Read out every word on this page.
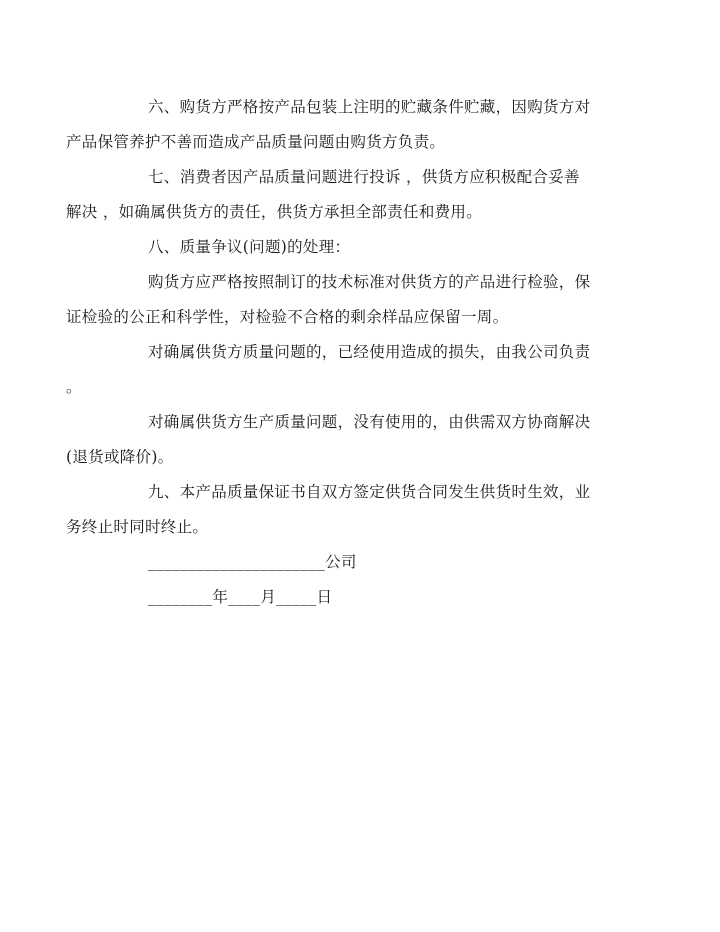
六、购货方严格按产品包装上注明的贮藏条件贮藏，因购货方对
产品保管养护不善而造成产品质量问题由购货方负责。

七、消费者因产品质量问题进行投诉 ，供货方应积极配合妥善
解决 ，如确属供货方的责任，供货方承担全部责任和费用。

八、质量争议(问题)的处理：

购货方应严格按照制订的技术标准对供货方的产品进行检验，保
证检验的公正和科学性，对检验不合格的剩余样品应保留一周。

对确属供货方质量问题的，已经使用造成的损失，由我公司负责
。

对确属供货方生产质量问题，没有使用的，由供需双方协商解决
(退货或降价)。

九、本产品质量保证书自双方签定供货合同发生供货时生效，业
务终止时同时终止。

______________________公司

________年____月_____日
